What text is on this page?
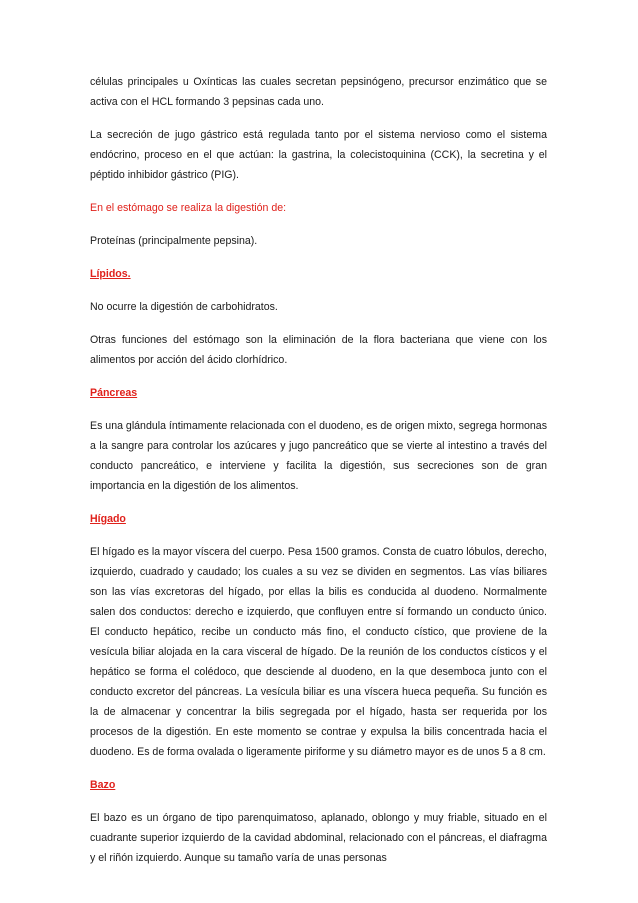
células principales u Oxínticas las cuales secretan pepsinógeno, precursor enzimático que se activa con el HCL formando 3 pepsinas cada uno.

La secreción de jugo gástrico está regulada tanto por el sistema nervioso como el sistema endócrino, proceso en el que actúan: la gastrina, la colecistoquinina (CCK), la secretina y el péptido inhibidor gástrico (PIG).

En el estómago se realiza la digestión de:

Proteínas (principalmente pepsina).

Lípidos.

No ocurre la digestión de carbohidratos.

Otras funciones del estómago son la eliminación de la flora bacteriana que viene con los alimentos por acción del ácido clorhídrico.

Páncreas

Es una glándula íntimamente relacionada con el duodeno, es de origen mixto, segrega hormonas a la sangre para controlar los azúcares y jugo pancreático que se vierte al intestino a través del conducto pancreático, e interviene y facilita la digestión, sus secreciones son de gran importancia en la digestión de los alimentos.

Hígado

El hígado es la mayor víscera del cuerpo. Pesa 1500 gramos. Consta de cuatro lóbulos, derecho, izquierdo, cuadrado y caudado; los cuales a su vez se dividen en segmentos. Las vías biliares son las vías excretoras del hígado, por ellas la bilis es conducida al duodeno. Normalmente salen dos conductos: derecho e izquierdo, que confluyen entre sí formando un conducto único. El conducto hepático, recibe un conducto más fino, el conducto cístico, que proviene de la vesícula biliar alojada en la cara visceral de hígado. De la reunión de los conductos císticos y el hepático se forma el colédoco, que desciende al duodeno, en la que desemboca junto con el conducto excretor del páncreas. La vesícula biliar es una víscera hueca pequeña. Su función es la de almacenar y concentrar la bilis segregada por el hígado, hasta ser requerida por los procesos de la digestión. En este momento se contrae y expulsa la bilis concentrada hacia el duodeno. Es de forma ovalada o ligeramente piriforme y su diámetro mayor es de unos 5 a 8 cm.

Bazo

El bazo es un órgano de tipo parenquimatoso, aplanado, oblongo y muy friable, situado en el cuadrante superior izquierdo de la cavidad abdominal, relacionado con el páncreas, el diafragma y el riñón izquierdo. Aunque su tamaño varía de unas personas
